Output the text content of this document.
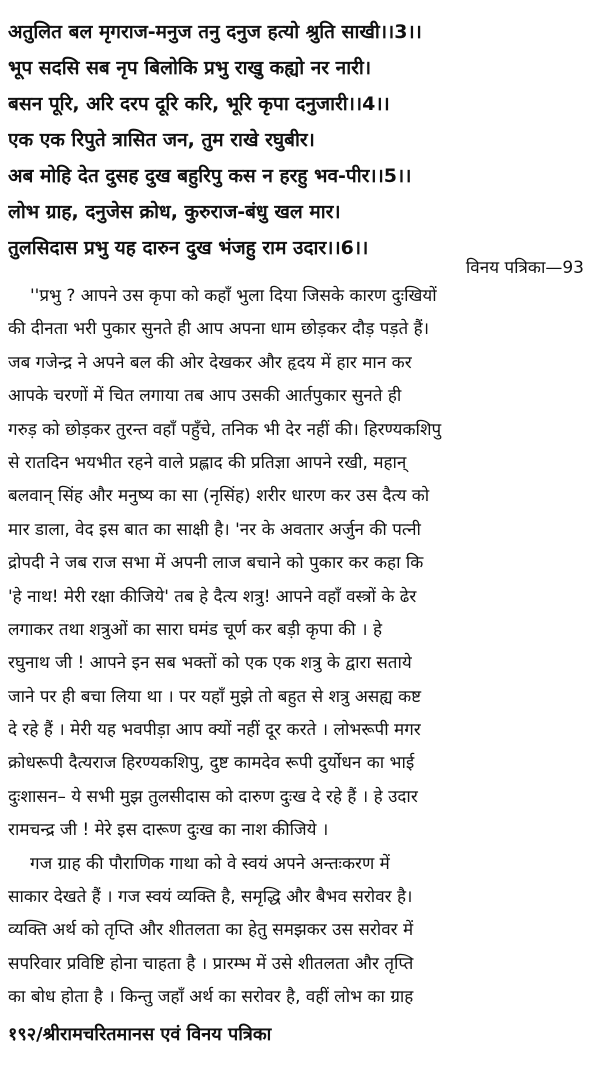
अतुलित बल मृगराज-मनुज तनु दनुज हत्यो श्रुति साखी।।3।।
भूप सदसि सब नृप बिलोकि प्रभु राखु कह्यो नर नारी।
बसन पूरि, अरि दरप दूरि करि, भूरि कृपा दनुजारी।।4।।
एक एक रिपुते त्रासित जन, तुम राखे रघुबीर।
अब मोहि देत दुसह दुख बहुरिपु कस न हरहु भव-पीर।।5।।
लोभ ग्राह, दनुजेस क्रोध, कुरुराज-बंधु खल मार।
तुलसिदास प्रभु यह दारुन दुख भंजहु राम उदार।।6।।
विनय पत्रिका—93
''प्रभु ? आपने उस कृपा को कहाँ भुला दिया जिसके कारण दुःखियों
की दीनता भरी पुकार सुनते ही आप अपना धाम छोड़कर दौड़ पड़ते हैं।
जब गजेन्द्र ने अपने बल की ओर देखकर और हृदय में हार मान कर
आपके चरणों में चित लगाया तब आप उसकी आर्तपुकार सुनते ही
गरुड़ को छोड़कर तुरन्त वहाँ पहुँचे, तनिक भी देर नहीं की। हिरण्यकशिपु
से रातदिन भयभीत रहने वाले प्रह्लाद की प्रतिज्ञा आपने रखी, महान्
बलवान् सिंह और मनुष्य का सा (नृसिंह) शरीर धारण कर उस दैत्य को
मार डाला, वेद इस बात का साक्षी है। 'नर के अवतार अर्जुन की पत्नी
द्रोपदी ने जब राज सभा में अपनी लाज बचाने को पुकार कर कहा कि
'हे नाथ! मेरी रक्षा कीजिये' तब हे दैत्य शत्रु! आपने वहाँ वस्त्रों के ढेर
लगाकर तथा शत्रुओं का सारा घमंड चूर्ण कर बड़ी कृपा की । हे
रघुनाथ जी ! आपने इन सब भक्तों को एक एक शत्रु के द्वारा सताये
जाने पर ही बचा लिया था । पर यहाँ मुझे तो बहुत से शत्रु असह्य कष्ट
दे रहे हैं । मेरी यह भवपीड़ा आप क्यों नहीं दूर करते । लोभरूपी मगर
क्रोधरूपी दैत्यराज हिरण्यकशिपु, दुष्ट कामदेव रूपी दुर्योधन का भाई
दुःशासन– ये सभी मुझ तुलसीदास को दारुण दुःख दे रहे हैं । हे उदार
रामचन्द्र जी ! मेरे इस दारूण दुःख का नाश कीजिये ।
गज ग्राह की पौराणिक गाथा को वे स्वयं अपने अन्तःकरण में
साकार देखते हैं । गज स्वयं व्यक्ति है, समृद्धि और बैभव सरोवर है।
व्यक्ति अर्थ को तृप्ति और शीतलता का हेतु समझकर उस सरोवर में
सपरिवार प्रविष्टि होना चाहता है । प्रारम्भ में उसे शीतलता और तृप्ति
का बोध होता है । किन्तु जहाँ अर्थ का सरोवर है, वहीं लोभ का ग्राह
१९२/श्रीरामचरितमानस एवं विनय पत्रिका
